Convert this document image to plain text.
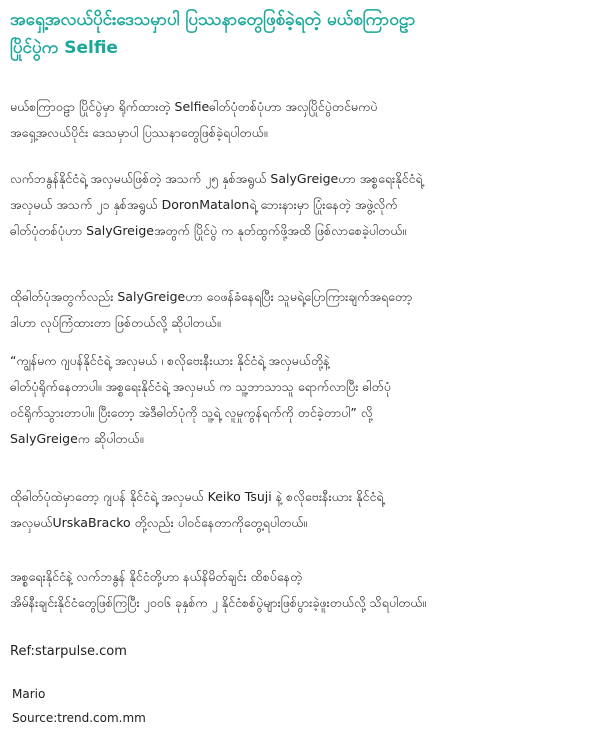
အရှေ့အလယ်ပိုင်းဒေသမှာပါ ပြဿနာတွေဖြစ်ခဲ့ရတဲ့ မယ်စကြာဝဠာ
ပြိုင်ပွဲက Selfie

မယ်စကြာဝဠာ ပြိုင်ပွဲမှာ ရိုက်ထားတဲ့ Selfieဓါတ်ပုံတစ်ပုံဟာ အလှပြိုင်ပွဲတင်မကပဲ
အရှေ့အလယ်ပိုင်း ဒေသမှာပါ ပြဿနာတွေဖြစ်ခဲ့ရပါတယ်။

လက်ဘနွန်နိုင်ငံရဲ့ အလှမယ်ဖြစ်တဲ့ အသက် ၂၅ နှစ်အရွယ် SalyGreigeဟာ အစ္စရေးနိုင်ငံရဲ့
အလှမယ် အသက် ၂၁ နှစ်အရွယ် DoronMatalonရဲ့ ဘေးနားမှာ ပြုံးနေတဲ့ အဖွဲ့လိုက်
ဓါတ်ပုံတစ်ပုံဟာ SalyGreigeအတွက် ပြိုင်ပွဲ က နုတ်ထွက်ဖို့အထိ ဖြစ်လာစေခဲ့ပါတယ်။

ထိုဓါတ်ပုံအတွက်လည်း SalyGreigeဟာ ဝေဖန်ခံနေရပြီး သူမရဲ့ပြောကြားချက်အရတော့
ဒါဟာ လုပ်ကြံထားတာ ဖြစ်တယ်လို့ ဆိုပါတယ်။

“ကျွန်မက ဂျပန်နိုင်ငံရဲ့ အလှမယ် ၊ စလိုဗေးနီးယား နိုင်ငံရဲ့ အလှမယ်တို့နဲ့
ဓါတ်ပုံရိုက်နေတာပါ။ အစ္စရေးနိုင်ငံရဲ့ အလှမယ် က သူ့ဘာသာသူ ရောက်လာပြီး ဓါတ်ပုံ
ဝင်ရိုက်သွားတာပါ။ ပြီးတော့ အဲဒီဓါတ်ပုံကို သူ့ရဲ့ လူမှုကွန်ရက်ကို တင်ခဲ့တာပါ” လို့
SalyGreigeက ဆိုပါတယ်။

ထိုဓါတ်ပုံထဲမှာတော့ ဂျပန် နိုင်ငံရဲ့ အလှမယ် Keiko Tsuji နဲ့ စလိုဗေးနီးယား နိုင်ငံရဲ့
အလှမယ်UrskaBracko တို့လည်း ပါဝင်နေတာကိုတွေ့ရပါတယ်။

အစ္စရေးနိုင်ငံနဲ့ လက်ဘနွန် နိုင်ငံတို့ဟာ နယ်နိမိတ်ချင်း ထိစပ်နေတဲ့
အိမ်နီးချင်းနိုင်ငံတွေဖြစ်ကြပြီး ၂၀၀၆ ခုနှစ်က ၂ နိုင်ငံစစ်ပွဲများဖြစ်ပွားခဲ့ဖူးတယ်လို့ သိရပါတယ်။

Ref:starpulse.com

Mario

Source:trend.com.mm
